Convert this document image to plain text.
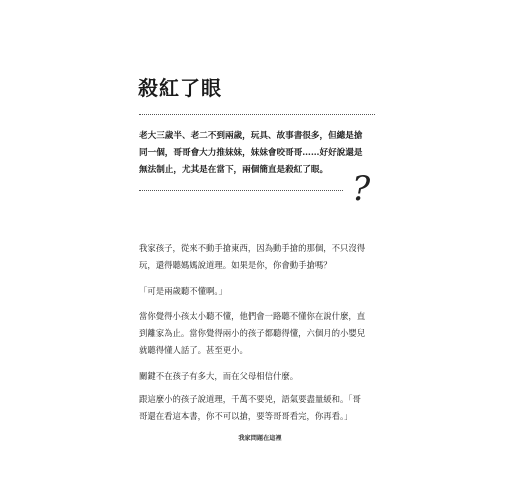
殺紅了眼

老大三歲半、老二不到兩歲，玩具、故事書很多，但總是搶

同一個，哥哥會大力推妹妹，妹妹會咬哥哥……好好說還是

無法制止，尤其是在當下，兩個簡直是殺紅了眼。 ?

我家孩子，從來不動手搶東西，因為動手搶的那個，不只沒得

玩，還得聽媽媽說道理。如果是你，你會動手搶嗎？

「可是兩歲聽不懂啊。」

當你覺得小孩太小聽不懂，他們會一路聽不懂你在說什麼，直

到離家為止。當你覺得兩小的孩子都聽得懂，六個月的小嬰兒

就聽得懂人話了。甚至更小。

關鍵不在孩子有多大，而在父母相信什麼。

跟這麼小的孩子說道理，千萬不要兇，語氣要盡量緩和。「哥

哥還在看這本書，你不可以搶，要等哥哥看完，你再看。」

我家問題在這裡
